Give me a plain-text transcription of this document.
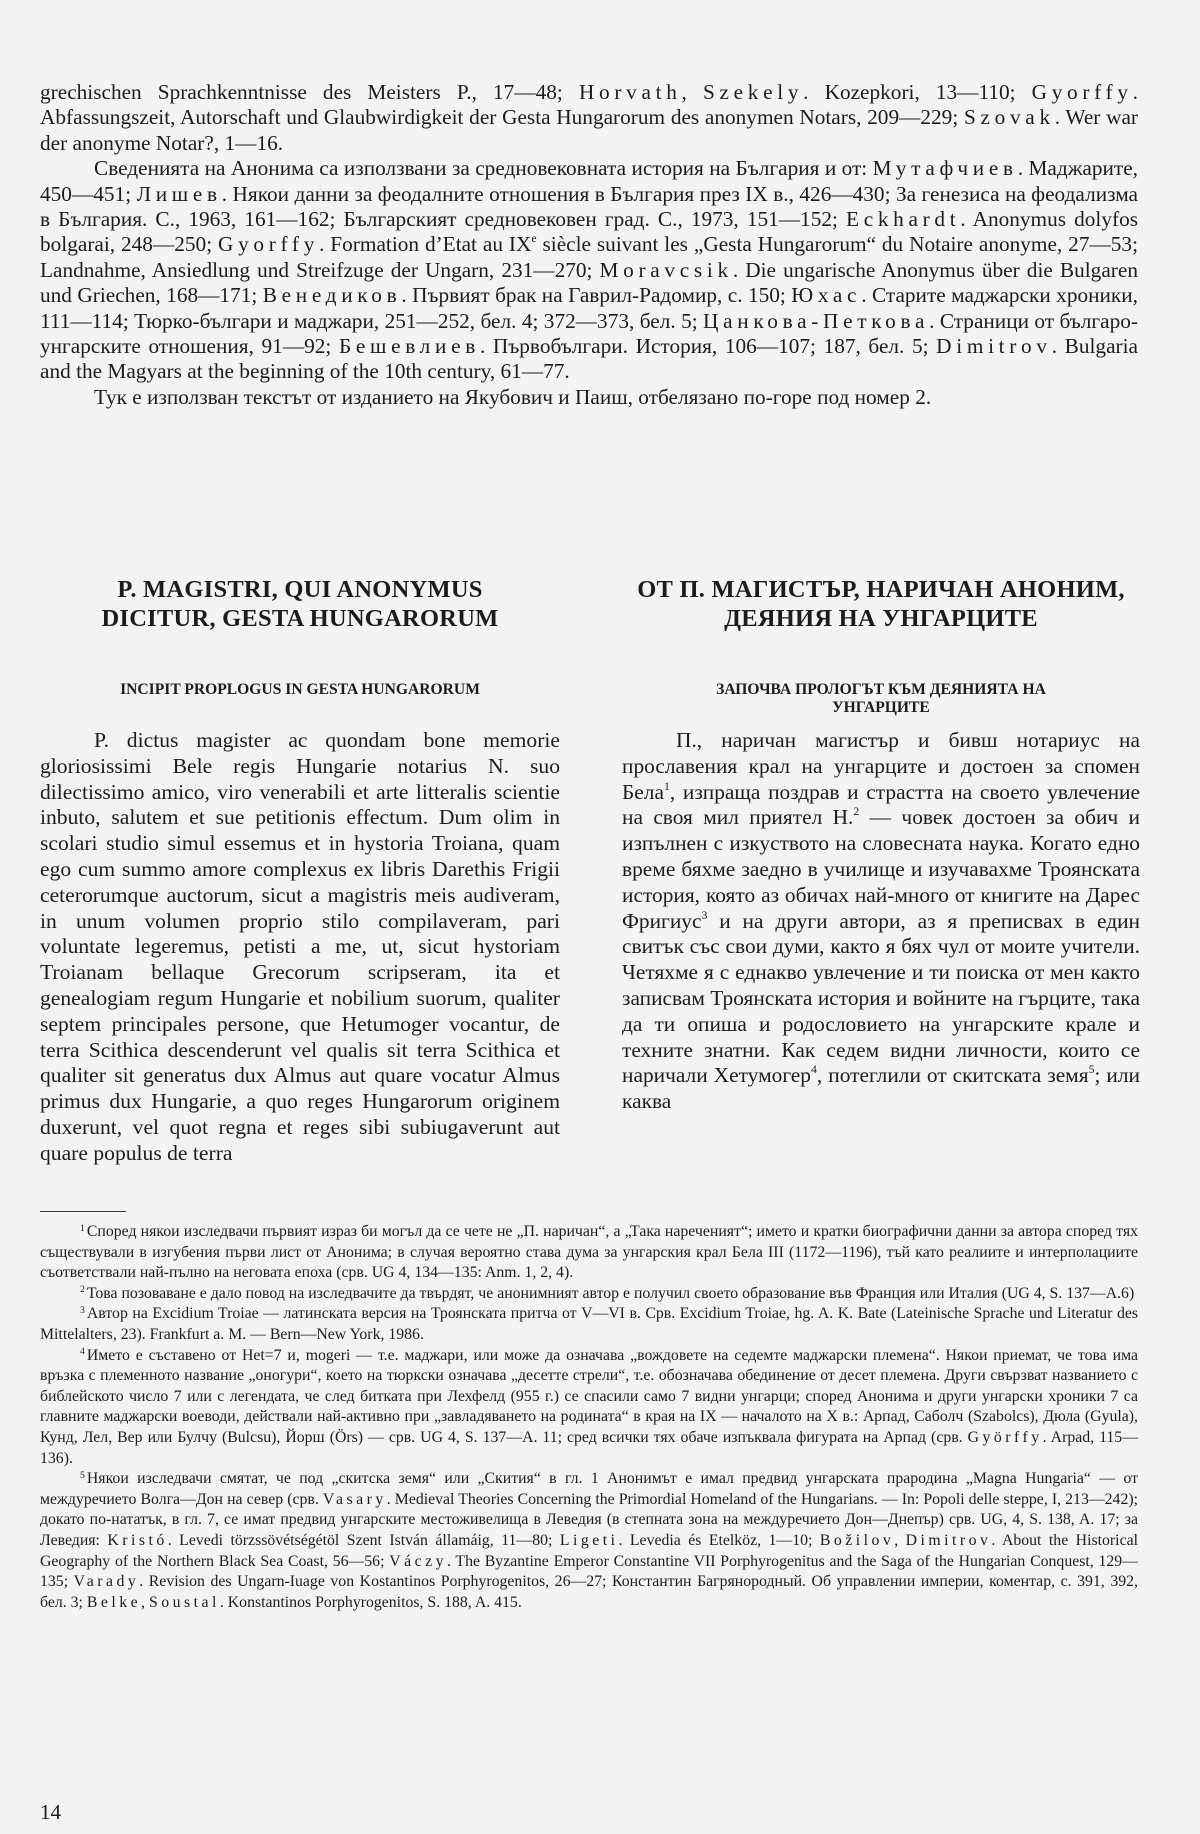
grechischen Sprachkenntnisse des Meisters P., 17—48; Horvath, Szekely. Kozepkori, 13—110; Gyorffy. Abfassungszeit, Autorschaft und Glaubwirdigkeit der Gesta Hungarorum des anonymen Notars, 209—229; Szovak. Wer war der anonyme Notar?, 1—16.

Сведенията на Анонима са използвани за средновековната история на България и от: Мутафчиев. Маджарите, 450—451; Лишев. Някои данни за феодалните отношения в България през IX в., 426—430; За генезиса на феодализма в България. С., 1963, 161—162; Българският средновековен град. С., 1973, 151—152; Eckhardt. Anonymus dolyfos bolgarai, 248—250; Gyorffy. Formation d’Etat au IXe siècle suivant les „Gesta Hungarorum“ du Notaire anonyme, 27—53; Landnahme, Ansiedlung und Streifzuge der Ungarn, 231—270; Moravcsik. Die ungarische Anonymus über die Bulgaren und Griechen, 168—171; Венедиков. Първият брак на Гаврил-Радомир, с. 150; Юхас. Старите маджарски хроники, 111—114; Тюрко-българи и маджари, 251—252, бел. 4; 372—373, бел. 5; Цанкова-Петкова. Страници от българо-унгарските отношения, 91—92; Бешевлиев. Първобългари. История, 106—107; 187, бел. 5; Dimitrov. Bulgaria and the Magyars at the beginning of the 10th century, 61—77.

Тук е използван текстът от изданието на Якубович и Паиш, отбелязано по-горе под номер 2.

P. MAGISTRI, QUI ANONYMUS
DICITUR, GESTA HUNGARORUM
INCIPIT PROPLOGUS IN GESTA HUNGARORUM

P. dictus magister ac quondam bone memorie gloriosissimi Bele regis Hungarie notarius N. suo dilectissimo amico, viro venerabili et arte litteralis scientie inbuto, salutem et sue petitionis effectum. Dum olim in scolari studio simul essemus et in hystoria Troiana, quam ego cum summo amore complexus ex libris Darethis Frigii ceterorumque auctorum, sicut a magistris meis audiveram, in unum volumen proprio stilo compilaveram, pari voluntate legeremus, petisti a me, ut, sicut hystoriam Troianam bellaque Grecorum scripseram, ita et genealogiam regum Hungarie et nobilium suorum, qualiter septem principales persone, que Hetumoger vocantur, de terra Scithica descenderunt vel qualis sit terra Scithica et qualiter sit generatus dux Almus aut quare vocatur Almus primus dux Hungarie, a quo reges Hungarorum originem duxerunt, vel quot regna et reges sibi subiugaverunt aut quare populus de terra

ОТ П. МАГИСТЪР, НАРИЧАН АНОНИМ,
ДЕЯНИЯ НА УНГАРЦИТЕ
ЗАПОЧВА ПРОЛОГЪТ КЪМ ДЕЯНИЯТА НА
УНГАРЦИТЕ

П., наричан магистър и бивш нотариус на прославения крал на унгарците и достоен за спомен Бела$^1$, изпраща поздрав и страстта на своето увлечение на своя мил приятел Н.$^2$ — човек достоен за обич и изпълнен с изкуството на словесната наука. Когато едно време бяхме заедно в училище и изучавахме Троянската история, която аз обичах най-много от книгите на Дарес Фригиус$^3$ и на други автори, аз я преписвах в един свитък със свои думи, както я бях чул от моите учители. Четяхме я с еднакво увлечение и ти поиска от мен както записвам Троянската история и войните на гърците, така да ти опиша и родословието на унгарските крале и техните знатни. Как седем видни личности, които се наричали Хетумогер$^4$, потеглили от скитската земя$^5$; или каква

$^1$ Според някои изследвачи първият израз би могъл да се чете не „П. наричан“, а „Така нареченият“; името и кратки биографични данни за автора според тях съществували в изгубения първи лист от Анонима; в случая вероятно става дума за унгарския крал Бела III (1172—1196), тъй като реалиите и интерполациите съответствали най-пълно на неговата епоха (срв. UG 4, 134—135: Anm. 1, 2, 4).

$^2$ Това позоваване е дало повод на изследвачите да твърдят, че анонимният автор е получил своето образование във Франция или Италия (UG 4, S. 137—A.6)

$^3$ Автор на Excidium Troiae — латинската версия на Троянската притча от V—VI в. Срв. Excidium Troiae, hg. A. K. Bate (Lateinische Sprache und Literatur des Mittelalters, 23). Frankfurt a. M. — Bern—New York, 1986.

$^4$ Името е съставено от Het=7 и, mogeri — т.е. маджари, или може да означава „вождовете на седемте маджарски племена“. Някои приемат, че това има връзка с племенното название „оногури“, което на тюркски означава „десетте стрели“, т.е. обозначава обединение от десет племена. Други свързват названието с библейското число 7 или с легендата, че след битката при Лехфелд (955 г.) се спасили само 7 видни унгарци; според Анонима и други унгарски хроники 7 са главните маджарски воеводи, действали най-активно при „завладяването на родината“ в края на IX — началото на X в.: Арпад, Саболч (Szabolcs), Дюла (Gyula), Кунд, Лел, Вер или Булчу (Bulcsu), Йорш (Örs) — срв. UG 4, S. 137—A. 11; сред всички тях обаче изпъквала фигурата на Арпад (срв. Györffy. Arpad, 115—136).

$^5$ Някои изследвачи смятат, че под „скитска земя“ или „Скития“ в гл. 1 Анонимът е имал предвид унгарската прародина „Magna Hungaria“ — от междуречието Волга—Дон на север (срв. Vasary. Medieval Theories Concerning the Primordial Homeland of the Hungarians. — In: Popoli delle steppe, I, 213—242); докато по-нататък, в гл. 7, се имат предвид унгарските местоживелища в Леведия (в степната зона на междуречието Дон—Днепър) срв. UG, 4, S. 138, A. 17; за Леведия: Kristó. Levedi törzssövétségétöl Szent István államáig, 11—80; Ligeti. Levedia és Etelköz, 1—10; Božilov, Dimitrov. About the Historical Geography of the Northern Black Sea Coast, 56—56; Váczy. The Byzantine Emperor Constantine VII Porphyrogenitus and the Saga of the Hungarian Conquest, 129—135; Varady. Revision des Ungarn-Iuage von Kostantinos Porphyrogenitos, 26—27; Константин Багрянородный. Об управлении империи, коментар, с. 391, 392, бел. 3; Belke, Soustal. Konstantinos Porphyrogenitos, S. 188, A. 415.

14
